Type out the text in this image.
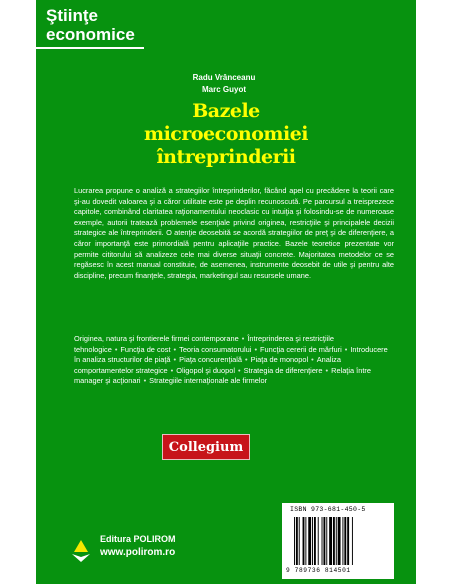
Ştiinţe
economice
Radu Vrânceanu
Marc Guyot
Bazele
microeconomiei
întreprinderii

Lucrarea propune o analiză a strategiilor întreprinderilor, făcând apel cu precădere la teorii care şi-au dovedit valoarea şi a căror utilitate este pe deplin recunoscută. Pe parcursul a treisprezece capitole, combinând claritatea raţionamentului neoclasic cu intuiţia şi folosindu-se de numeroase exemple, autorii tratează problemele esenţiale privind originea, restricţiile şi principalele decizii strategice ale întreprinderii. O atenţie deosebită se acordă strategiilor de preţ şi de diferenţiere, a căror importanţă este primordială pentru aplicaţiile practice. Bazele teoretice prezentate vor permite cititorului să analizeze cele mai diverse situaţii concrete. Majoritatea metodelor ce se regăsesc în acest manual constituie, de asemenea, instrumente deosebit de utile şi pentru alte discipline, precum finanţele, strategia, marketingul sau resursele umane.

Originea, natura şi frontierele firmei contemporane • Întreprinderea şi restricţiile tehnologice • Funcţia de cost • Teoria consumatorului • Funcţia cererii de mărfuri • Introducere în analiza structurilor de piaţă • Piaţa concurenţială • Piaţa de monopol • Analiza comportamentelor strategice • Oligopol şi duopol • Strategia de diferenţiere • Relaţia între manager şi acţionari • Strategiile internaţionale ale firmelor
Collegium
ISBN 973-681-450-5
9 789736 814501
Editura POLIROM
www.polirom.ro
